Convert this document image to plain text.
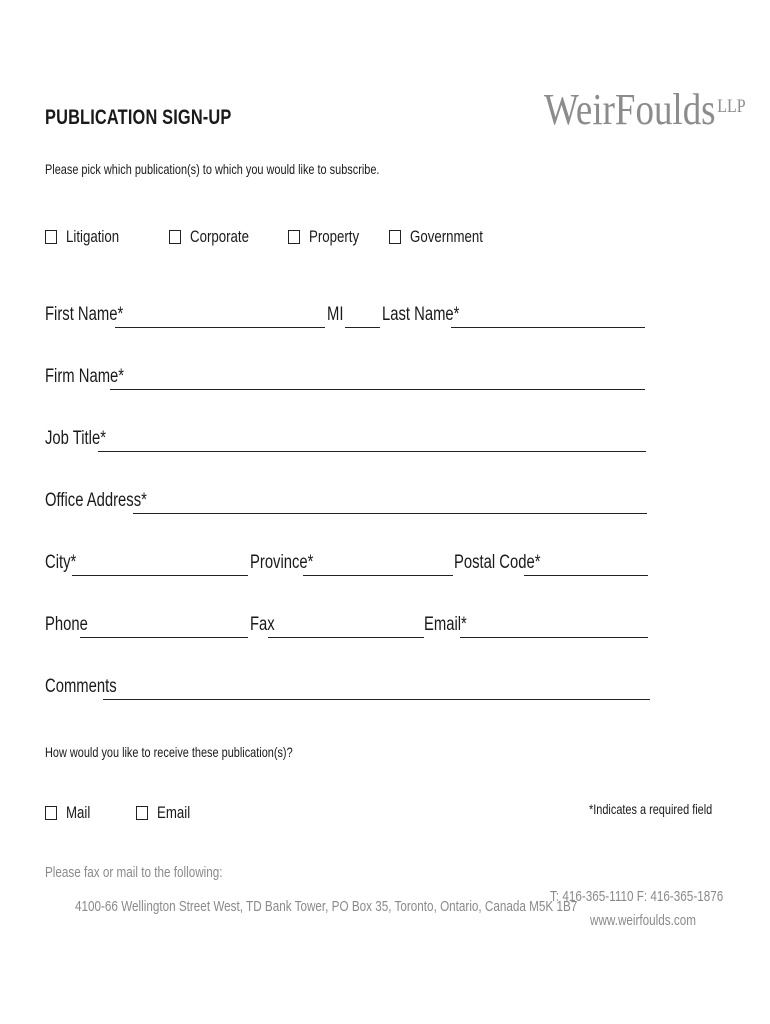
PUBLICATION SIGN-UP	WeirFoulds$^{LLP}$
Please pick which publication(s) to which you would like to subscribe.
Litigation	Corporate	Property	Government
First Name*	MI Last Name*
Firm Name*
Job Title*
Office Address*
City*	Province*	Postal Code*
Phone	Fax	Email*
Comments
How would you like to receive these publication(s)?
Mail	Email	*Indicates a required field
Please fax or mail to the following:
4100-66 Wellington Street West, TD Bank Tower, PO Box 35, Toronto, Ontario, Canada M5K 1B7
T: 416-365-1110 F: 416-365-1876
www.weirfoulds.com
